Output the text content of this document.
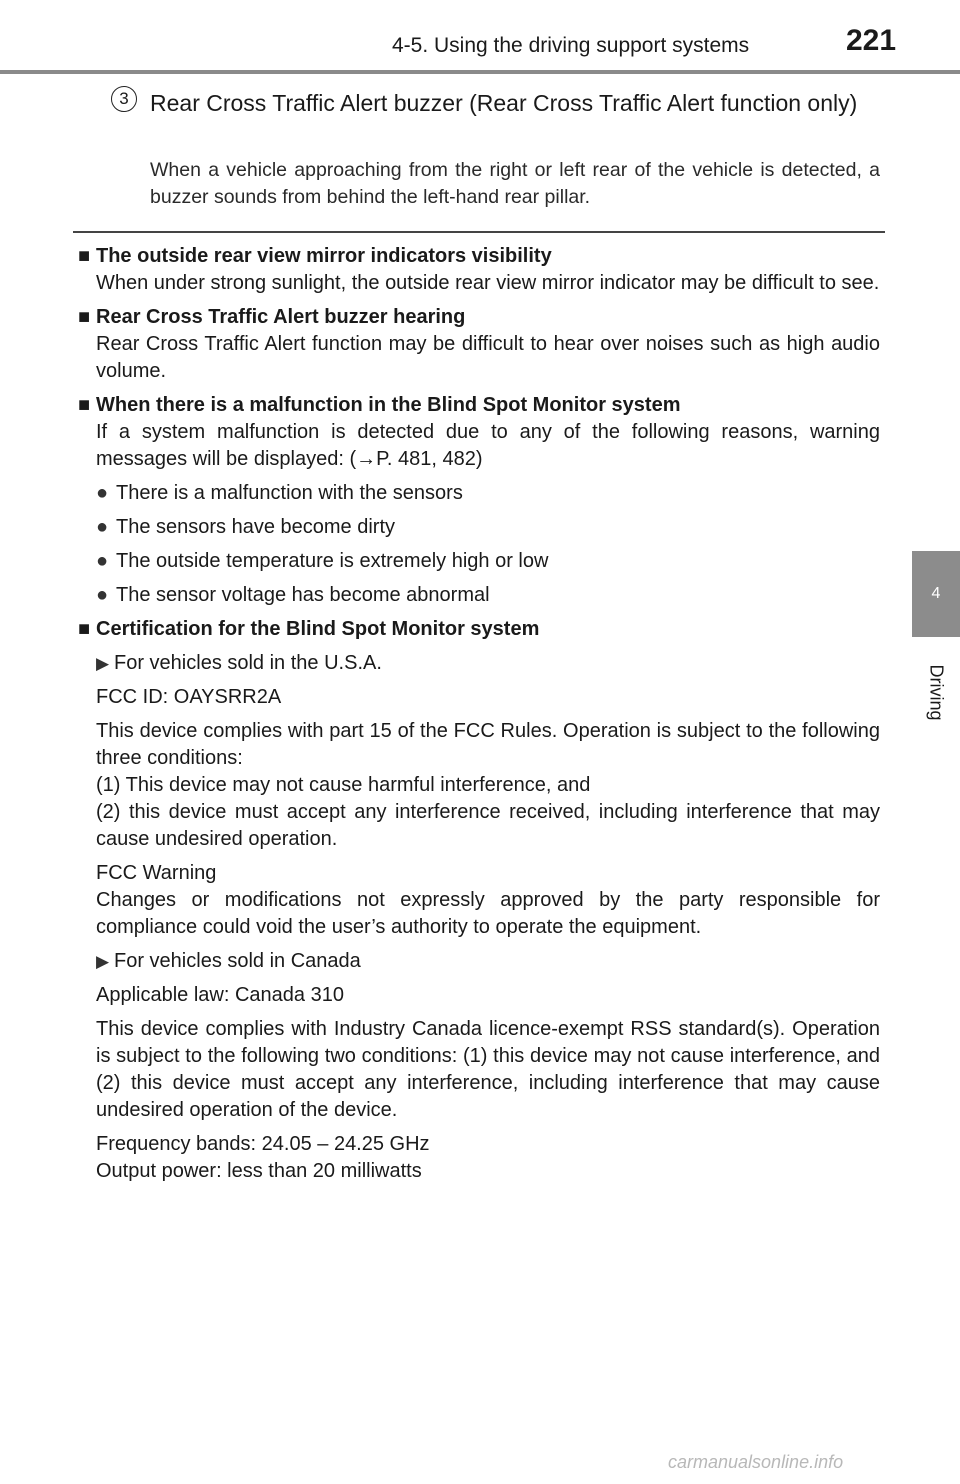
4-5. Using the driving support systems	221
4
Driving
3 Rear Cross Traffic Alert buzzer (Rear Cross Traffic Alert function only)
When a vehicle approaching from the right or left rear of the vehicle is detected, a buzzer sounds from behind the left-hand rear pillar.

■ The outside rear view mirror indicators visibility

When under strong sunlight, the outside rear view mirror indicator may be difficult to see.

■ Rear Cross Traffic Alert buzzer hearing

Rear Cross Traffic Alert function may be difficult to hear over noises such as high audio volume.

■ When there is a malfunction in the Blind Spot Monitor system

If a system malfunction is detected due to any of the following reasons, warning messages will be displayed: (→P. 481, 482)

● There is a malfunction with the sensors

● The sensors have become dirty

● The outside temperature is extremely high or low

● The sensor voltage has become abnormal

■ Certification for the Blind Spot Monitor system

▶ For vehicles sold in the U.S.A.

FCC ID: OAYSRR2A

This device complies with part 15 of the FCC Rules. Operation is subject to the following three conditions:

(1) This device may not cause harmful interference, and

(2) this device must accept any interference received, including interference that may cause undesired operation.

FCC Warning

Changes or modifications not expressly approved by the party responsible for compliance could void the user’s authority to operate the equipment.

▶ For vehicles sold in Canada

Applicable law: Canada 310

This device complies with Industry Canada licence-exempt RSS standard(s). Operation is subject to the following two conditions: (1) this device may not cause interference, and (2) this device must accept any interference, including interference that may cause undesired operation of the device.

Frequency bands: 24.05 – 24.25 GHz

Output power: less than 20 milliwatts

carmanualsonline.info
